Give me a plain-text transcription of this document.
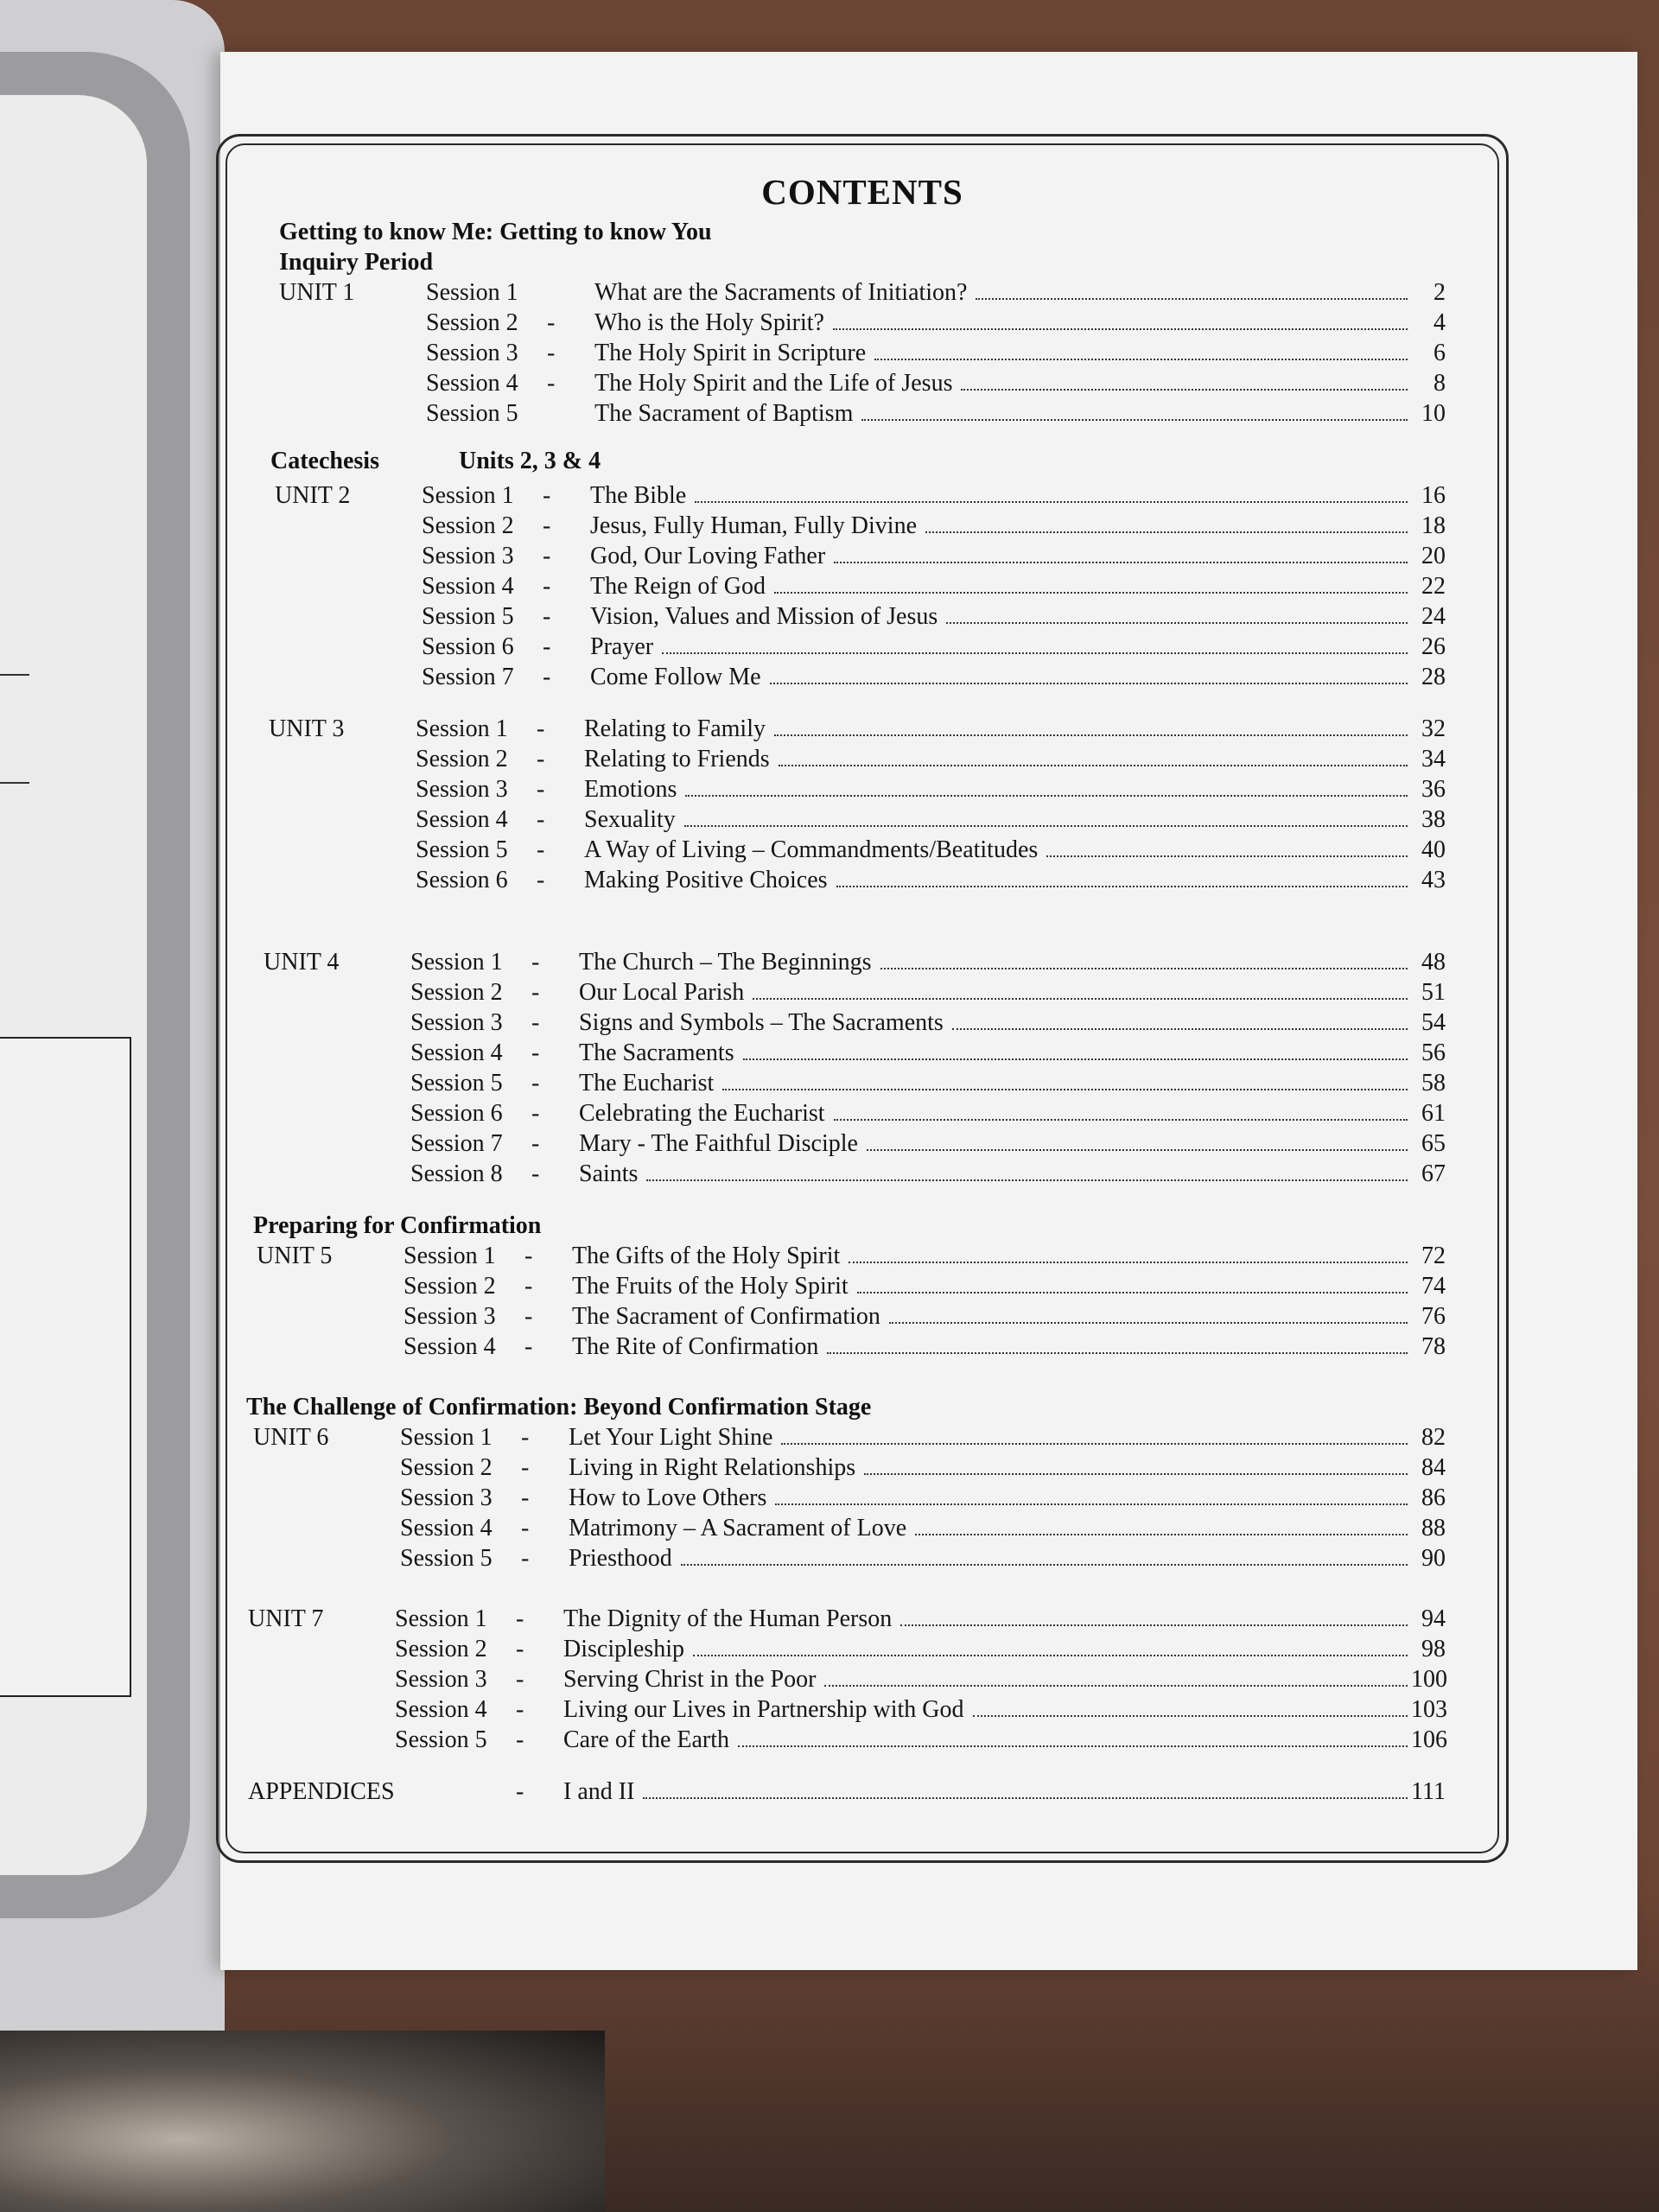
CONTENTS
Getting to know Me: Getting to know You
Inquiry Period
Catechesis	Units 2, 3 & 4
Preparing for Confirmation
The Challenge of Confirmation: Beyond Confirmation Stage
UNIT 1	Session 1	What are the Sacraments of Initiation?	2
Session 2	-	Who is the Holy Spirit?	4
Session 3	-	The Holy Spirit in Scripture	6
Session 4	-	The Holy Spirit and the Life of Jesus	8
Session 5	The Sacrament of Baptism	10
UNIT 2	Session 1	-	The Bible	16
Session 2	-	Jesus, Fully Human, Fully Divine	18
Session 3	-	God, Our Loving Father	20
Session 4	-	The Reign of God	22
Session 5	-	Vision, Values and Mission of Jesus	24
Session 6	-	Prayer	26
Session 7	-	Come Follow Me	28
UNIT 3	Session 1	-	Relating to Family	32
Session 2	-	Relating to Friends	34
Session 3	-	Emotions	36
Session 4	-	Sexuality	38
Session 5	-	A Way of Living – Commandments/Beatitudes	40
Session 6	-	Making Positive Choices	43
UNIT 4	Session 1	-	The Church – The Beginnings	48
Session 2	-	Our Local Parish	51
Session 3	-	Signs and Symbols – The Sacraments	54
Session 4	-	The Sacraments	56
Session 5	-	The Eucharist	58
Session 6	-	Celebrating the Eucharist	61
Session 7	-	Mary - The Faithful Disciple	65
Session 8	-	Saints	67
UNIT 5	Session 1	-	The Gifts of the Holy Spirit	72
Session 2	-	The Fruits of the Holy Spirit	74
Session 3	-	The Sacrament of Confirmation	76
Session 4	-	The Rite of Confirmation	78
UNIT 6	Session 1	-	Let Your Light Shine	82
Session 2	-	Living in Right Relationships	84
Session 3	-	How to Love Others	86
Session 4	-	Matrimony – A Sacrament of Love	88
Session 5	-	Priesthood	90
UNIT 7	Session 1	-	The Dignity of the Human Person	94
Session 2	-	Discipleship	98
Session 3	-	Serving Christ in the Poor	100
Session 4	-	Living our Lives in Partnership with God	103
Session 5	-	Care of the Earth	106
APPENDICES	-	I and II	111
